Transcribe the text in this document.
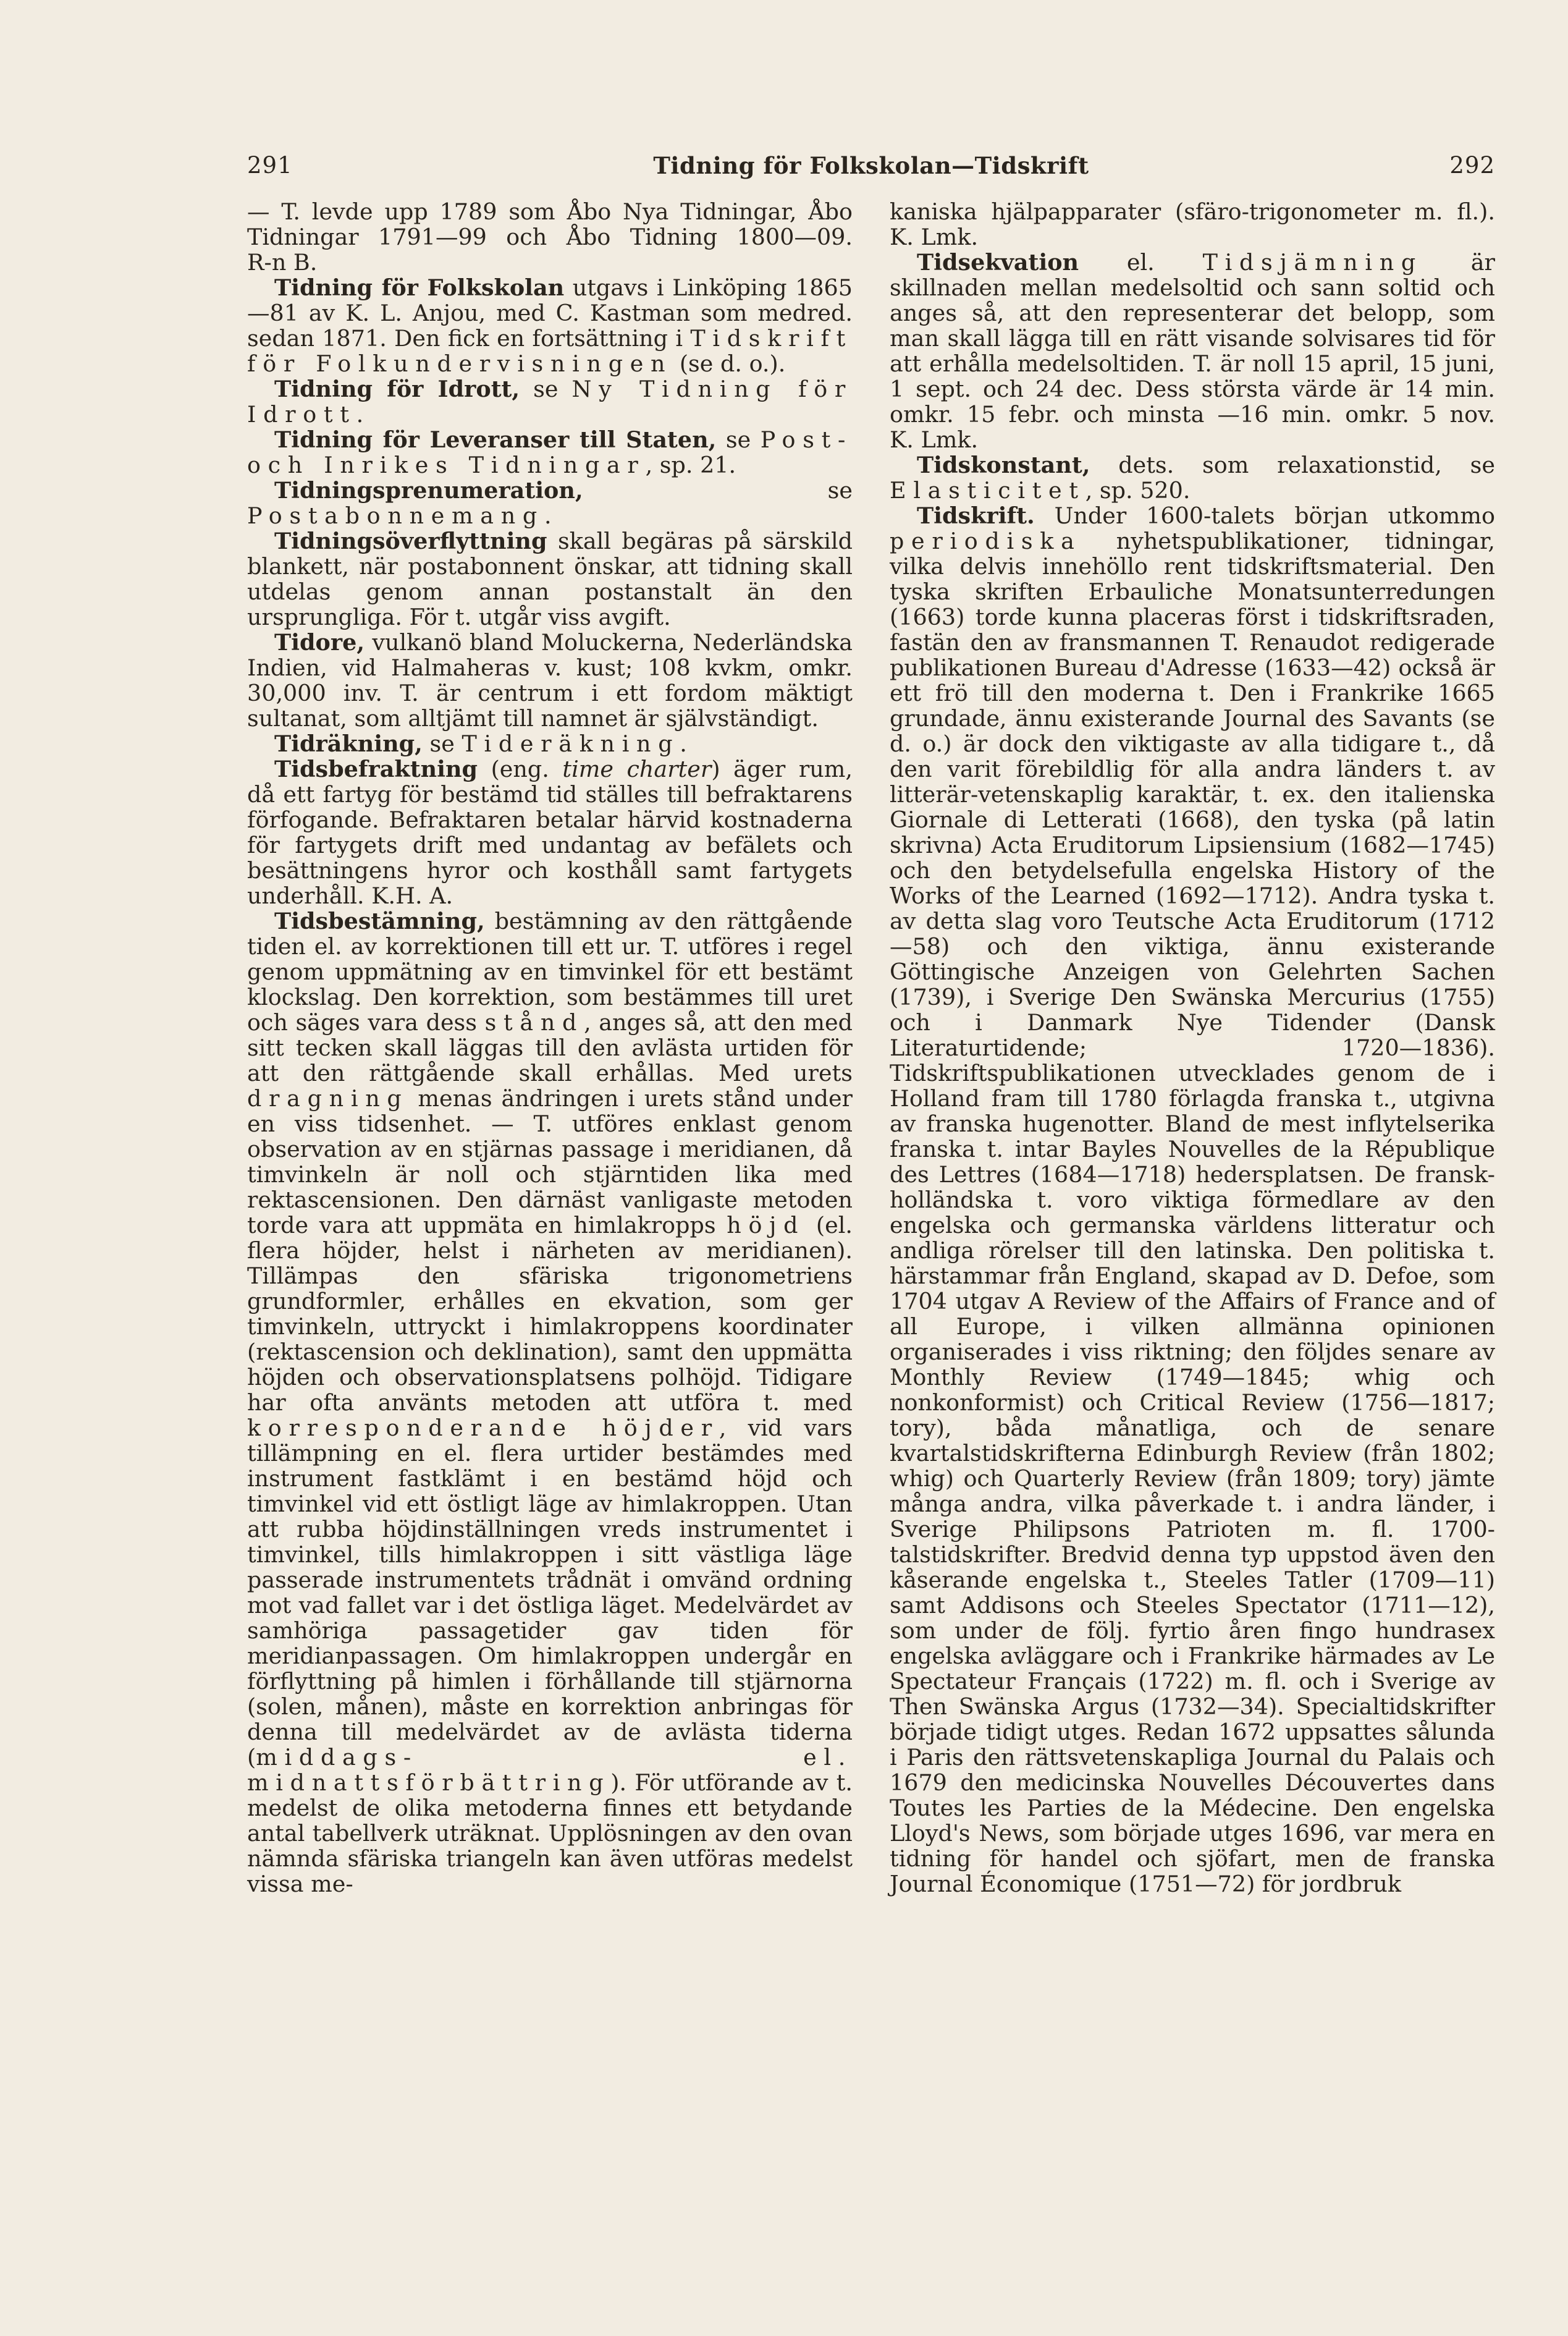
291	Tidning för Folkskolan—Tidskrift	292

— T. levde upp 1789 som Åbo Nya Tidningar, Åbo Tidningar 1791—99 och Åbo Tidning 1800—09. R-n B.

Tidning för Folkskolan utgavs i Linköping 1865—81 av K. L. Anjou, med C. Kastman som medred. sedan 1871. Den fick en fortsättning i Tidskrift för Folkundervisningen (se d. o.).

Tidning för Idrott, se Ny Tidning för Idrott.

Tidning för Leveranser till Staten, se Post- och Inrikes Tidningar, sp. 21.

Tidningsprenumeration, se Postabonnemang.

Tidningsöverflyttning skall begäras på särskild blankett, när postabonnent önskar, att tidning skall utdelas genom annan postanstalt än den ursprungliga. För t. utgår viss avgift.

Tidore, vulkanö bland Moluckerna, Nederländska Indien, vid Halmaheras v. kust; 108 kvkm, omkr. 30,000 inv. T. är centrum i ett fordom mäktigt sultanat, som alltjämt till namnet är självständigt.

Tidräkning, se Tideräkning.

Tidsbefraktning (eng. time charter) äger rum, då ett fartyg för bestämd tid ställes till befraktarens förfogande. Befraktaren betalar härvid kostnaderna för fartygets drift med undantag av befälets och besättningens hyror och kosthåll samt fartygets underhåll. K.H. A.

Tidsbestämning, bestämning av den rättgående tiden el. av korrektionen till ett ur. T. utföres i regel genom uppmätning av en timvinkel för ett bestämt klockslag. Den korrektion, som bestämmes till uret och säges vara dess stånd, anges så, att den med sitt tecken skall läggas till den avlästa urtiden för att den rättgående skall erhållas. Med urets dragning menas ändringen i urets stånd under en viss tidsenhet. — T. utföres enklast genom observation av en stjärnas passage i meridianen, då timvinkeln är noll och stjärntiden lika med rektascensionen. Den därnäst vanligaste metoden torde vara att uppmäta en himlakropps höjd (el. flera höjder, helst i närheten av meridianen). Tillämpas den sfäriska trigonometriens grundformler, erhålles en ekvation, som ger timvinkeln, uttryckt i himlakroppens koordinater (rektascension och deklination), samt den uppmätta höjden och observationsplatsens polhöjd. Tidigare har ofta använts metoden att utföra t. med korresponderande höjder, vid vars tillämpning en el. flera urtider bestämdes med instrument fastklämt i en bestämd höjd och timvinkel vid ett östligt läge av himlakroppen. Utan att rubba höjdinställningen vreds instrumentet i timvinkel, tills himlakroppen i sitt västliga läge passerade instrumentets trådnät i omvänd ordning mot vad fallet var i det östliga läget. Medelvärdet av samhöriga passagetider gav tiden för meridianpassagen. Om himlakroppen undergår en förflyttning på himlen i förhållande till stjärnorna (solen, månen), måste en korrektion anbringas för denna till medelvärdet av de avlästa tiderna (middags- el. midnattsförbättring). För utförande av t. medelst de olika metoderna finnes ett betydande antal tabellverk uträknat. Upplösningen av den ovan nämnda sfäriska triangeln kan även utföras medelst vissa me-

kaniska hjälpapparater (sfäro-trigonometer m. fl.). K. Lmk.

Tidsekvation el. Tidsjämning är skillnaden mellan medelsoltid och sann soltid och anges så, att den representerar det belopp, som man skall lägga till en rätt visande solvisares tid för att erhålla medelsoltiden. T. är noll 15 april, 15 juni, 1 sept. och 24 dec. Dess största värde är 14 min. omkr. 15 febr. och minsta —16 min. omkr. 5 nov. K. Lmk.

Tidskonstant, dets. som relaxationstid, se Elasticitet, sp. 520.

Tidskrift. Under 1600-talets början utkommo periodiska nyhetspublikationer, tidningar, vilka delvis innehöllo rent tidskriftsmaterial. Den tyska skriften Erbauliche Monatsunterredungen (1663) torde kunna placeras först i tidskriftsraden, fastän den av fransmannen T. Renaudot redigerade publikationen Bureau d'Adresse (1633—42) också är ett frö till den moderna t. Den i Frankrike 1665 grundade, ännu existerande Journal des Savants (se d. o.) är dock den viktigaste av alla tidigare t., då den varit förebildlig för alla andra länders t. av litterär-vetenskaplig karaktär, t. ex. den italienska Giornale di Letterati (1668), den tyska (på latin skrivna) Acta Eruditorum Lipsiensium (1682—1745) och den betydelsefulla engelska History of the Works of the Learned (1692—1712). Andra tyska t. av detta slag voro Teutsche Acta Eruditorum (1712—58) och den viktiga, ännu existerande Göttingische Anzeigen von Gelehrten Sachen (1739), i Sverige Den Swänska Mercurius (1755) och i Danmark Nye Tidender (Dansk Literaturtidende; 1720—1836). Tidskriftspublikationen utvecklades genom de i Holland fram till 1780 förlagda franska t., utgivna av franska hugenotter. Bland de mest inflytelserika franska t. intar Bayles Nouvelles de la République des Lettres (1684—1718) hedersplatsen. De fransk-holländska t. voro viktiga förmedlare av den engelska och germanska världens litteratur och andliga rörelser till den latinska. Den politiska t. härstammar från England, skapad av D. Defoe, som 1704 utgav A Review of the Affairs of France and of all Europe, i vilken allmänna opinionen organiserades i viss riktning; den följdes senare av Monthly Review (1749—1845; whig och nonkonformist) och Critical Review (1756—1817; tory), båda månatliga, och de senare kvartalstidskrifterna Edinburgh Review (från 1802; whig) och Quarterly Review (från 1809; tory) jämte många andra, vilka påverkade t. i andra länder, i Sverige Philipsons Patrioten m. fl. 1700-talstidskrifter. Bredvid denna typ uppstod även den kåserande engelska t., Steeles Tatler (1709—11) samt Addisons och Steeles Spectator (1711—12), som under de följ. fyrtio åren fingo hundrasex engelska avläggare och i Frankrike härmades av Le Spectateur Français (1722) m. fl. och i Sverige av Then Swänska Argus (1732—34). Specialtidskrifter började tidigt utges. Redan 1672 uppsattes sålunda i Paris den rättsvetenskapliga Journal du Palais och 1679 den medicinska Nouvelles Découvertes dans Toutes les Parties de la Médecine. Den engelska Lloyd's News, som började utges 1696, var mera en tidning för handel och sjöfart, men de franska Journal Économique (1751—72) för jordbruk
